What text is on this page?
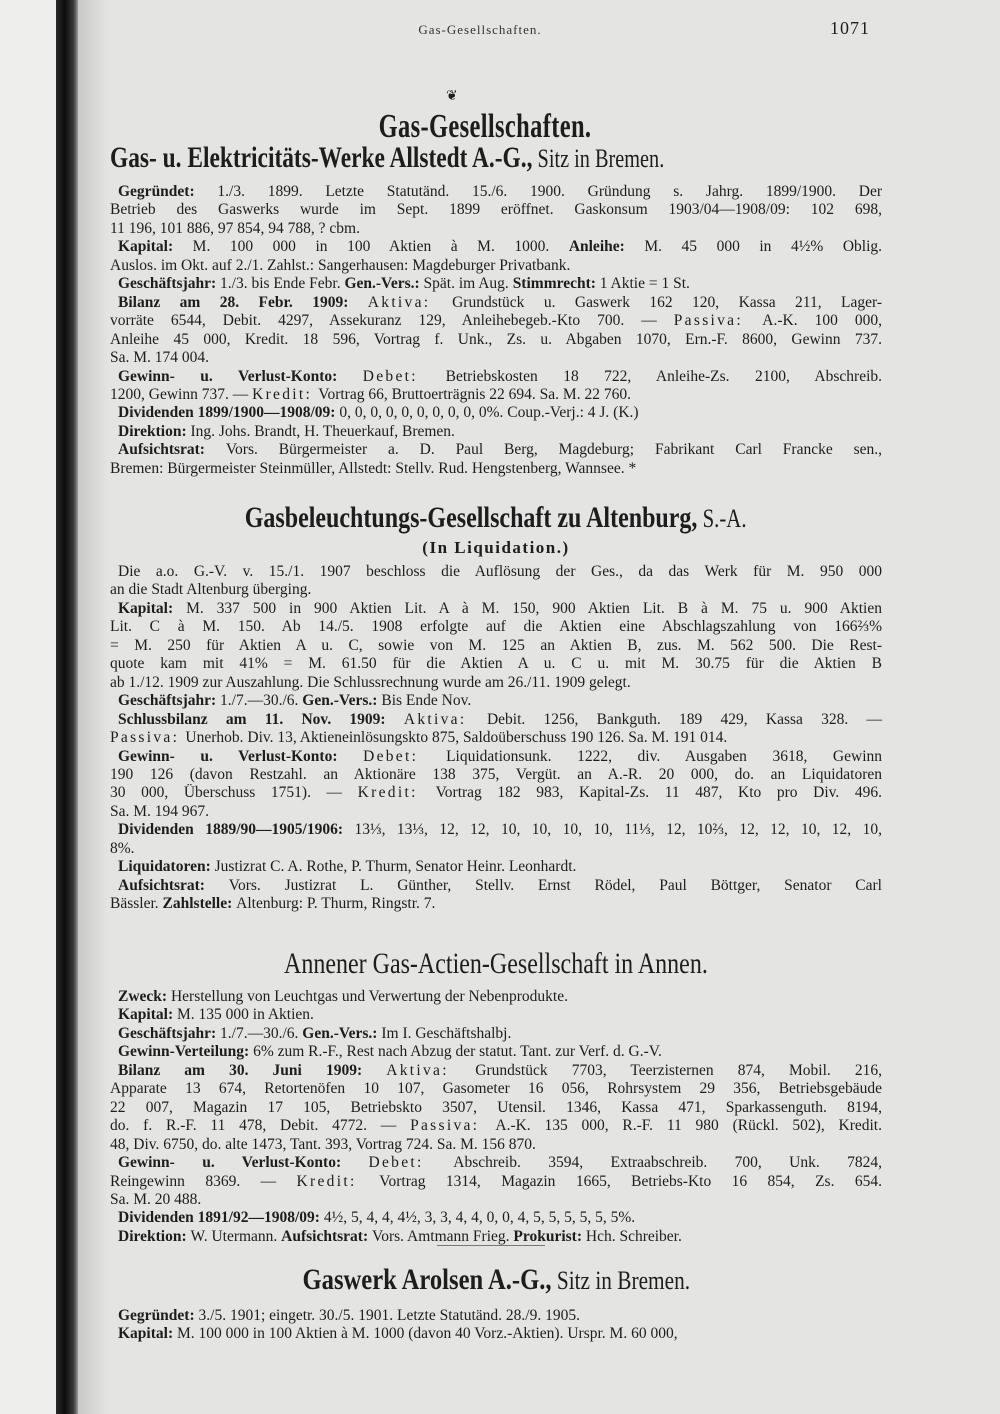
Gas-Gesellschaften.	1071
❦
Gas-Gesellschaften.
Gas- u. Elektricitäts-Werke Allstedt A.-G., Sitz in Bremen.
Gegründet: 1./3. 1899. Letzte Statutänd. 15./6. 1900. Gründung s. Jahrg. 1899/1900. Der
Betrieb des Gaswerks wurde im Sept. 1899 eröffnet. Gaskonsum 1903/04—1908/09: 102 698,
11 196, 101 886, 97 854, 94 788, ? cbm.
Kapital: M. 100 000 in 100 Aktien à M. 1000. Anleihe: M. 45 000 in 4½% Oblig.
Auslos. im Okt. auf 2./1. Zahlst.: Sangerhausen: Magdeburger Privatbank.
Geschäftsjahr: 1./3. bis Ende Febr. Gen.-Vers.: Spät. im Aug. Stimmrecht: 1 Aktie = 1 St.
Bilanz am 28. Febr. 1909: Aktiva: Grundstück u. Gaswerk 162 120, Kassa 211, Lager-
vorräte 6544, Debit. 4297, Assekuranz 129, Anleihebegeb.-Kto 700. — Passiva: A.-K. 100 000,
Anleihe 45 000, Kredit. 18 596, Vortrag f. Unk., Zs. u. Abgaben 1070, Ern.-F. 8600, Gewinn 737.
Sa. M. 174 004.
Gewinn- u. Verlust-Konto: Debet: Betriebskosten 18 722, Anleihe-Zs. 2100, Abschreib.
1200, Gewinn 737. — Kredit: Vortrag 66, Bruttoerträgnis 22 694. Sa. M. 22 760.
Dividenden 1899/1900—1908/09: 0, 0, 0, 0, 0, 0, 0, 0, 0, 0%. Coup.-Verj.: 4 J. (K.)
Direktion: Ing. Johs. Brandt, H. Theuerkauf, Bremen.
Aufsichtsrat: Vors. Bürgermeister a. D. Paul Berg, Magdeburg; Fabrikant Carl Francke sen.,
Bremen: Bürgermeister Steinmüller, Allstedt: Stellv. Rud. Hengstenberg, Wannsee. *
Gasbeleuchtungs-Gesellschaft zu Altenburg, S.-A.
(In Liquidation.)
Die a.o. G.-V. v. 15./1. 1907 beschloss die Auflösung der Ges., da das Werk für M. 950 000
an die Stadt Altenburg überging.
Kapital: M. 337 500 in 900 Aktien Lit. A à M. 150, 900 Aktien Lit. B à M. 75 u. 900 Aktien
Lit. C à M. 150. Ab 14./5. 1908 erfolgte auf die Aktien eine Abschlagszahlung von 166⅔%
= M. 250 für Aktien A u. C, sowie von M. 125 an Aktien B, zus. M. 562 500. Die Rest-
quote kam mit 41% = M. 61.50 für die Aktien A u. C u. mit M. 30.75 für die Aktien B
ab 1./12. 1909 zur Auszahlung. Die Schlussrechnung wurde am 26./11. 1909 gelegt.
Geschäftsjahr: 1./7.—30./6. Gen.-Vers.: Bis Ende Nov.
Schlussbilanz am 11. Nov. 1909: Aktiva: Debit. 1256, Bankguth. 189 429, Kassa 328. —
Passiva: Unerhob. Div. 13, Aktieneinlösungskto 875, Saldoüberschuss 190 126. Sa. M. 191 014.
Gewinn- u. Verlust-Konto: Debet: Liquidationsunk. 1222, div. Ausgaben 3618, Gewinn
190 126 (davon Restzahl. an Aktionäre 138 375, Vergüt. an A.-R. 20 000, do. an Liquidatoren
30 000, Überschuss 1751). — Kredit: Vortrag 182 983, Kapital-Zs. 11 487, Kto pro Div. 496.
Sa. M. 194 967.
Dividenden 1889/90—1905/1906: 13⅓, 13⅓, 12, 12, 10, 10, 10, 10, 11⅓, 12, 10⅔, 12, 12, 10, 12, 10,
8%.
Liquidatoren: Justizrat C. A. Rothe, P. Thurm, Senator Heinr. Leonhardt.
Aufsichtsrat: Vors. Justizrat L. Günther, Stellv. Ernst Rödel, Paul Böttger, Senator Carl
Bässler. Zahlstelle: Altenburg: P. Thurm, Ringstr. 7.
Annener Gas-Actien-Gesellschaft in Annen.
Zweck: Herstellung von Leuchtgas und Verwertung der Nebenprodukte.
Kapital: M. 135 000 in Aktien.
Geschäftsjahr: 1./7.—30./6. Gen.-Vers.: Im I. Geschäftshalbj.
Gewinn-Verteilung: 6% zum R.-F., Rest nach Abzug der statut. Tant. zur Verf. d. G.-V.
Bilanz am 30. Juni 1909: Aktiva: Grundstück 7703, Teerzisternen 874, Mobil. 216,
Apparate 13 674, Retortenöfen 10 107, Gasometer 16 056, Rohrsystem 29 356, Betriebsgebäude
22 007, Magazin 17 105, Betriebskto 3507, Utensil. 1346, Kassa 471, Sparkassenguth. 8194,
do. f. R.-F. 11 478, Debit. 4772. — Passiva: A.-K. 135 000, R.-F. 11 980 (Rückl. 502), Kredit.
48, Div. 6750, do. alte 1473, Tant. 393, Vortrag 724. Sa. M. 156 870.
Gewinn- u. Verlust-Konto: Debet: Abschreib. 3594, Extraabschreib. 700, Unk. 7824,
Reingewinn 8369. — Kredit: Vortrag 1314, Magazin 1665, Betriebs-Kto 16 854, Zs. 654.
Sa. M. 20 488.
Dividenden 1891/92—1908/09: 4½, 5, 4, 4, 4½, 3, 3, 4, 4, 0, 0, 4, 5, 5, 5, 5, 5, 5%.
Direktion: W. Utermann. Aufsichtsrat: Vors. Amtmann Frieg. Prokurist: Hch. Schreiber.
Gaswerk Arolsen A.-G., Sitz in Bremen.
Gegründet: 3./5. 1901; eingetr. 30./5. 1901. Letzte Statutänd. 28./9. 1905.
Kapital: M. 100 000 in 100 Aktien à M. 1000 (davon 40 Vorz.-Aktien). Urspr. M. 60 000,
